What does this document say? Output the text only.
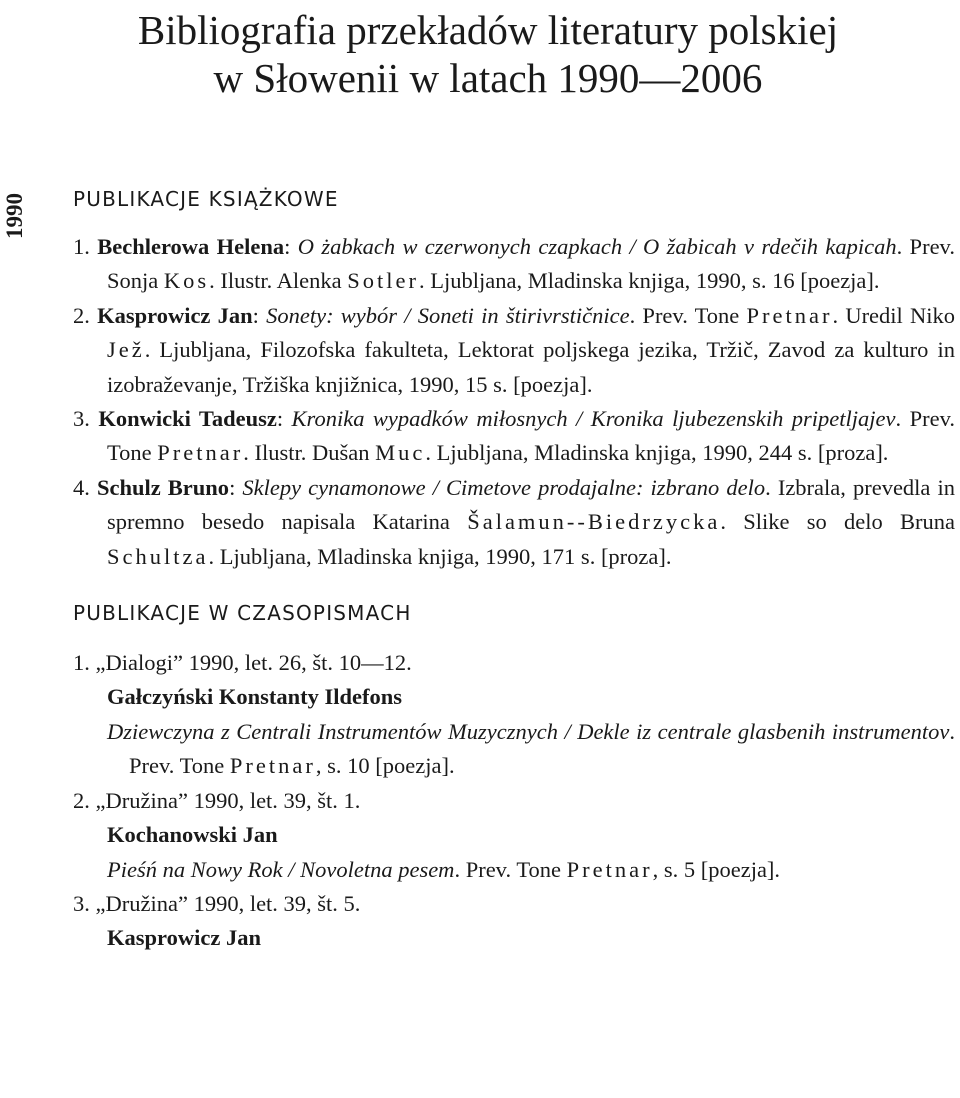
Bibliografia przekładów literatury polskiej
w Słowenii w latach 1990—2006
1990 PUBLIKACJE KSIĄŻKOWE

1. Bechlerowa Helena: O żabkach w czerwonych czapkach / O žabicah v rdečih kapicah. Prev. Sonja Kos. Ilustr. Alenka Sotler. Ljubljana, Mladinska knjiga, 1990, s. 16 [poezja].

2. Kasprowicz Jan: Sonety: wybór / Soneti in štirivrstičnice. Prev. Tone Pretnar. Uredil Niko Jež. Ljubljana, Filozofska fakulteta, Lektorat poljskega jezika, Tržič, Zavod za kulturo in izobraževanje, Tržiška knjižnica, 1990, 15 s. [poezja].

3. Konwicki Tadeusz: Kronika wypadków miłosnych / Kronika ljubezenskih pripetljajev. Prev. Tone Pretnar. Ilustr. Dušan Muc. Ljubljana, Mladinska knjiga, 1990, 244 s. [proza].

4. Schulz Bruno: Sklepy cynamonowe / Cimetove prodajalne: izbrano delo. Izbrala, prevedla in spremno besedo napisala Katarina Šalamun--Biedrzycka. Slike so delo Bruna Schultza. Ljubljana, Mladinska knjiga, 1990, 171 s. [proza].

PUBLIKACJE W CZASOPISMACH
1. „Dialogi” 1990, let. 26, št. 10—12.
Gałczyński Konstanty Ildefons
Dziewczyna z Centrali Instrumentów Muzycznych / Dekle iz centrale glasbenih instrumentov. Prev. Tone Pretnar, s. 10 [poezja].
2. „Družina” 1990, let. 39, št. 1.
Kochanowski Jan
Pieśń na Nowy Rok / Novoletna pesem. Prev. Tone Pretnar, s. 5 [poezja].
3. „Družina” 1990, let. 39, št. 5.
Kasprowicz Jan
